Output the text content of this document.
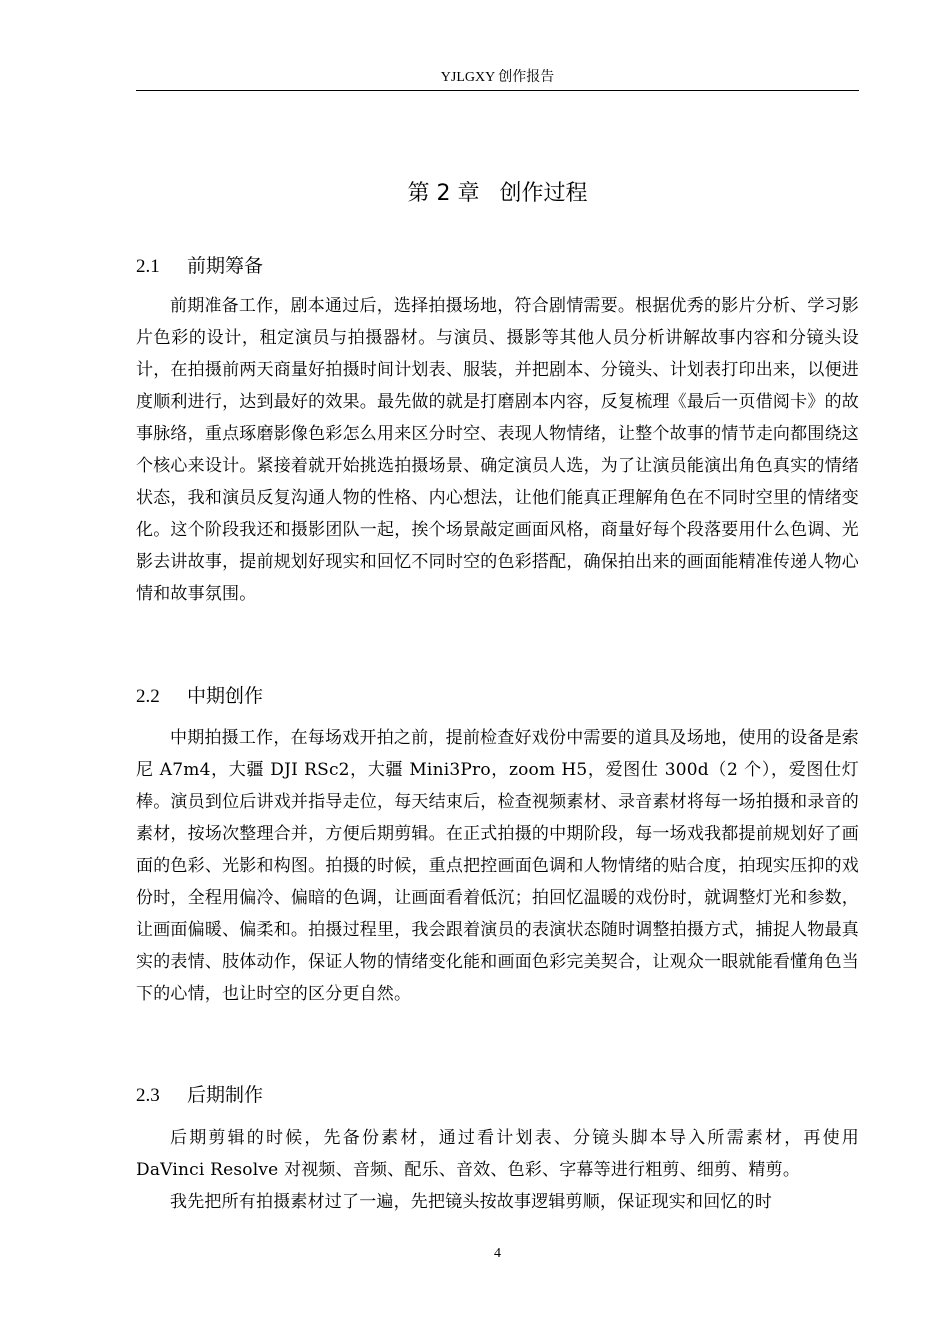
YJLGXY 创作报告
第 2 章 创作过程
2.1 前期筹备

前期准备工作，剧本通过后，选择拍摄场地，符合剧情需要。根据优秀的影片分析、学习影片色彩的设计，租定演员与拍摄器材。与演员、摄影等其他人员分析讲解故事内容和分镜头设计，在拍摄前两天商量好拍摄时间计划表、服装，并把剧本、分镜头、计划表打印出来，以便进度顺利进行，达到最好的效果。最先做的就是打磨剧本内容，反复梳理《最后一页借阅卡》的故事脉络，重点琢磨影像色彩怎么用来区分时空、表现人物情绪，让整个故事的情节走向都围绕这个核心来设计。紧接着就开始挑选拍摄场景、确定演员人选，为了让演员能演出角色真实的情绪状态，我和演员反复沟通人物的性格、内心想法，让他们能真正理解角色在不同时空里的情绪变化。这个阶段我还和摄影团队一起，挨个场景敲定画面风格，商量好每个段落要用什么色调、光影去讲故事，提前规划好现实和回忆不同时空的色彩搭配，确保拍出来的画面能精准传递人物心情和故事氛围。

2.2 中期创作

中期拍摄工作，在每场戏开拍之前，提前检查好戏份中需要的道具及场地，使用的设备是索尼 A7m4，大疆 DJI RSc2，大疆 Mini3Pro，zoom H5，爱图仕 300d（2 个），爱图仕灯棒。演员到位后讲戏并指导走位，每天结束后，检查视频素材、录音素材将每一场拍摄和录音的素材，按场次整理合并，方便后期剪辑。在正式拍摄的中期阶段，每一场戏我都提前规划好了画面的色彩、光影和构图。拍摄的时候，重点把控画面色调和人物情绪的贴合度，拍现实压抑的戏份时，全程用偏冷、偏暗的色调，让画面看着低沉；拍回忆温暖的戏份时，就调整灯光和参数，让画面偏暖、偏柔和。拍摄过程里，我会跟着演员的表演状态随时调整拍摄方式，捕捉人物最真实的表情、肢体动作，保证人物的情绪变化能和画面色彩完美契合，让观众一眼就能看懂角色当下的心情，也让时空的区分更自然。

2.3 后期制作

后期剪辑的时候，先备份素材，通过看计划表、分镜头脚本导入所需素材，再使用 DaVinci Resolve 对视频、音频、配乐、音效、色彩、字幕等进行粗剪、细剪、精剪。

我先把所有拍摄素材过了一遍，先把镜头按故事逻辑剪顺，保证现实和回忆的时

4
